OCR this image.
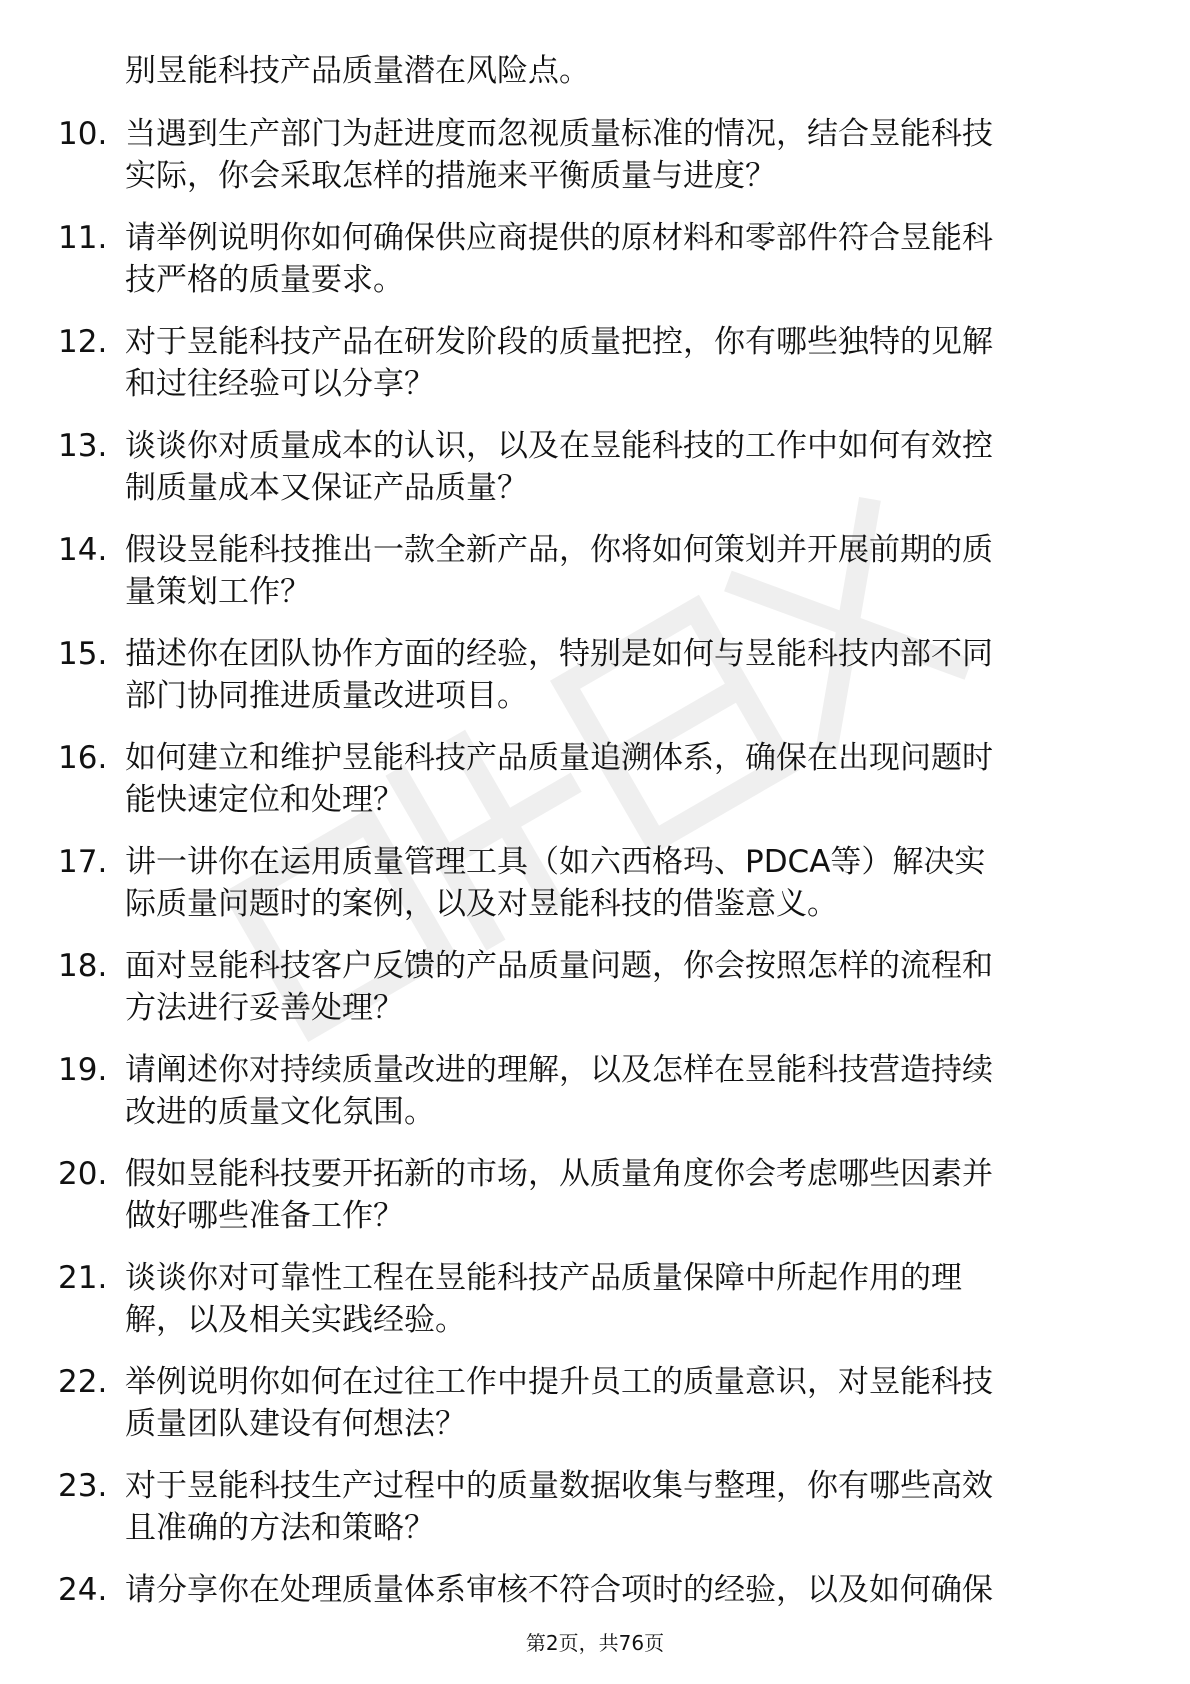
别昱能科技产品质量潜在风险点。
10. 当遇到生产部门为赶进度而忽视质量标准的情况，结合昱能科技
实际，你会采取怎样的措施来平衡质量与进度？
11. 请举例说明你如何确保供应商提供的原材料和零部件符合昱能科
技严格的质量要求。
12. 对于昱能科技产品在研发阶段的质量把控，你有哪些独特的见解
和过往经验可以分享？
13. 谈谈你对质量成本的认识，以及在昱能科技的工作中如何有效控
制质量成本又保证产品质量？
14. 假设昱能科技推出一款全新产品，你将如何策划并开展前期的质
量策划工作？
15. 描述你在团队协作方面的经验，特别是如何与昱能科技内部不同
部门协同推进质量改进项目。
16. 如何建立和维护昱能科技产品质量追溯体系，确保在出现问题时
能快速定位和处理？
17. 讲一讲你在运用质量管理工具（如六西格玛、PDCA等）解决实
际质量问题时的案例，以及对昱能科技的借鉴意义。
18. 面对昱能科技客户反馈的产品质量问题，你会按照怎样的流程和
方法进行妥善处理？
19. 请阐述你对持续质量改进的理解，以及怎样在昱能科技营造持续
改进的质量文化氛围。
20. 假如昱能科技要开拓新的市场，从质量角度你会考虑哪些因素并
做好哪些准备工作？
21. 谈谈你对可靠性工程在昱能科技产品质量保障中所起作用的理
解，以及相关实践经验。
22. 举例说明你如何在过往工作中提升员工的质量意识，对昱能科技
质量团队建设有何想法？
23. 对于昱能科技生产过程中的质量数据收集与整理，你有哪些高效
且准确的方法和策略？
24. 请分享你在处理质量体系审核不符合项时的经验，以及如何确保
第2页，共76页
